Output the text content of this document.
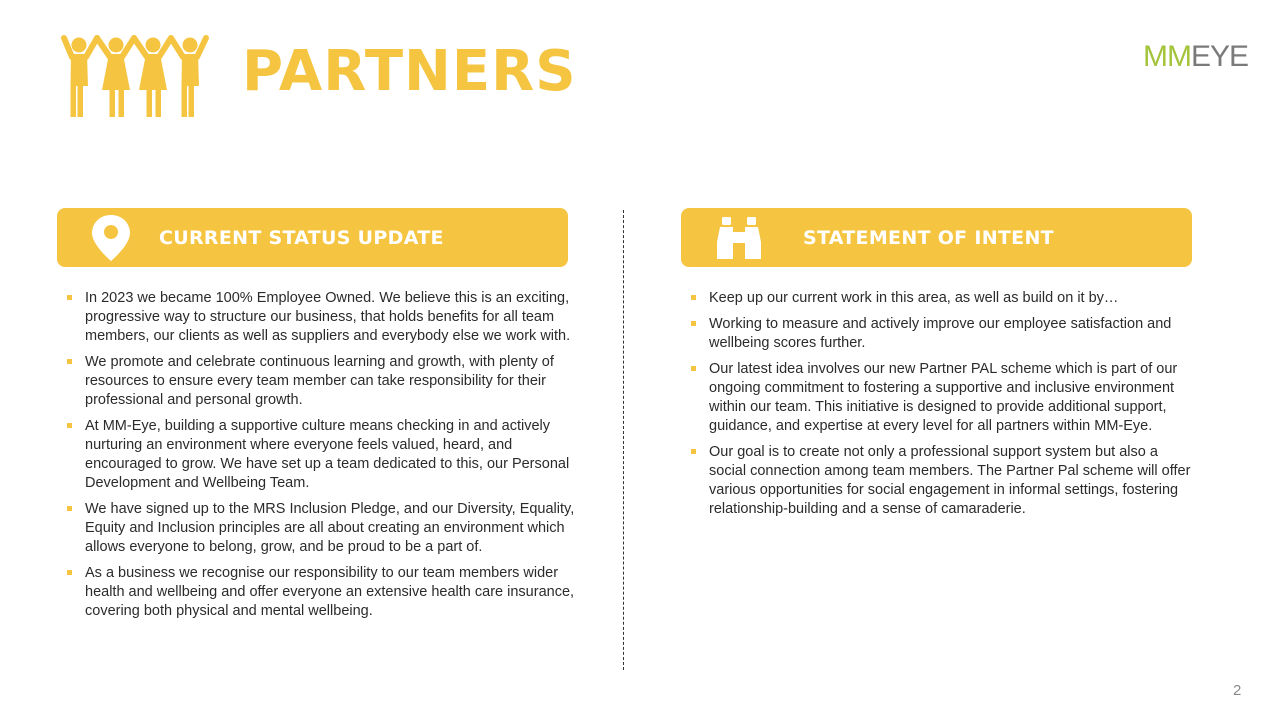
PARTNERS	MMEYE
CURRENT STATUS UPDATE
In 2023 we became 100% Employee Owned. We believe this is an exciting, progressive way to structure our business, that holds benefits for all team members, our clients as well as suppliers and everybody else we work with.
We promote and celebrate continuous learning and growth, with plenty of resources to ensure every team member can take responsibility for their professional and personal growth.
At MM-Eye, building a supportive culture means checking in and actively nurturing an environment where everyone feels valued, heard, and encouraged to grow. We have set up a team dedicated to this, our Personal Development and Wellbeing Team.
We have signed up to the MRS Inclusion Pledge, and our Diversity, Equality, Equity and Inclusion principles are all about creating an environment which allows everyone to belong, grow, and be proud to be a part of.
As a business we recognise our responsibility to our team members wider health and wellbeing and offer everyone an extensive health care insurance, covering both physical and mental wellbeing.
STATEMENT OF INTENT
Keep up our current work in this area, as well as build on it by…
Working to measure and actively improve our employee satisfaction and wellbeing scores further.
Our latest idea involves our new Partner PAL scheme which is part of our ongoing commitment to fostering a supportive and inclusive environment within our team. This initiative is designed to provide additional support, guidance, and expertise at every level for all partners within MM-Eye.
Our goal is to create not only a professional support system but also a social connection among team members. The Partner Pal scheme will offer various opportunities for social engagement in informal settings, fostering relationship-building and a sense of camaraderie.
2
